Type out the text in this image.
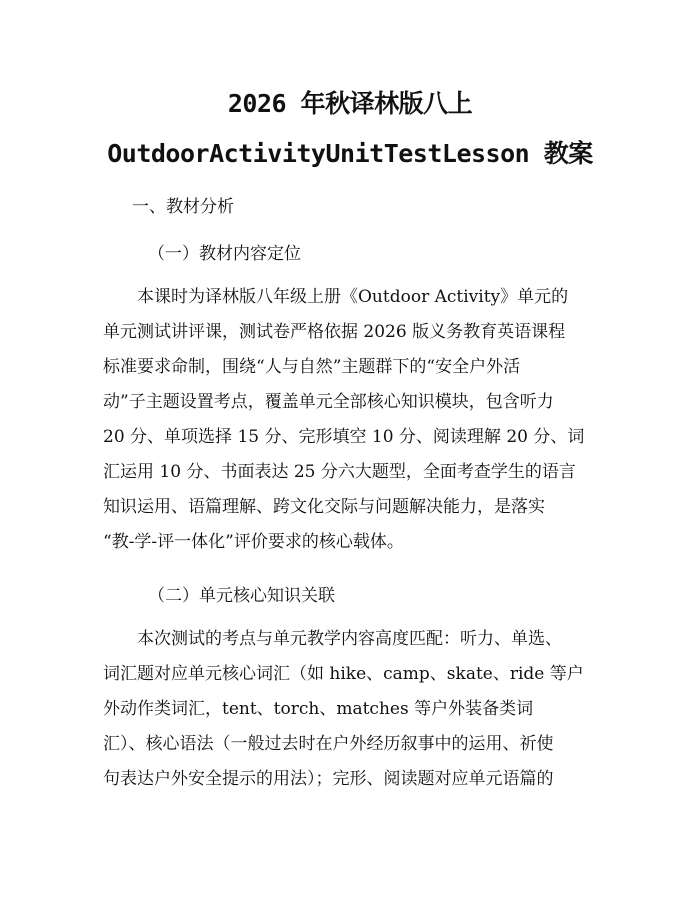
2026 年秋译林版八上
OutdoorActivityUnitTestLesson 教案
一、教材分析
（一）教材内容定位
本课时为译林版八年级上册《Outdoor Activity》单元的
单元测试讲评课，测试卷严格依据 2026 版义务教育英语课程
标准要求命制，围绕“人与自然”主题群下的“安全户外活
动”子主题设置考点，覆盖单元全部核心知识模块，包含听力
20 分、单项选择 15 分、完形填空 10 分、阅读理解 20 分、词
汇运用 10 分、书面表达 25 分六大题型，全面考查学生的语言
知识运用、语篇理解、跨文化交际与问题解决能力，是落实
“教-学-评一体化”评价要求的核心载体。
（二）单元核心知识关联
本次测试的考点与单元教学内容高度匹配：听力、单选、
词汇题对应单元核心词汇（如 hike、camp、skate、ride 等户
外动作类词汇，tent、torch、matches 等户外装备类词
汇）、核心语法（一般过去时在户外经历叙事中的运用、祈使
句表达户外安全提示的用法）；完形、阅读题对应单元语篇的
